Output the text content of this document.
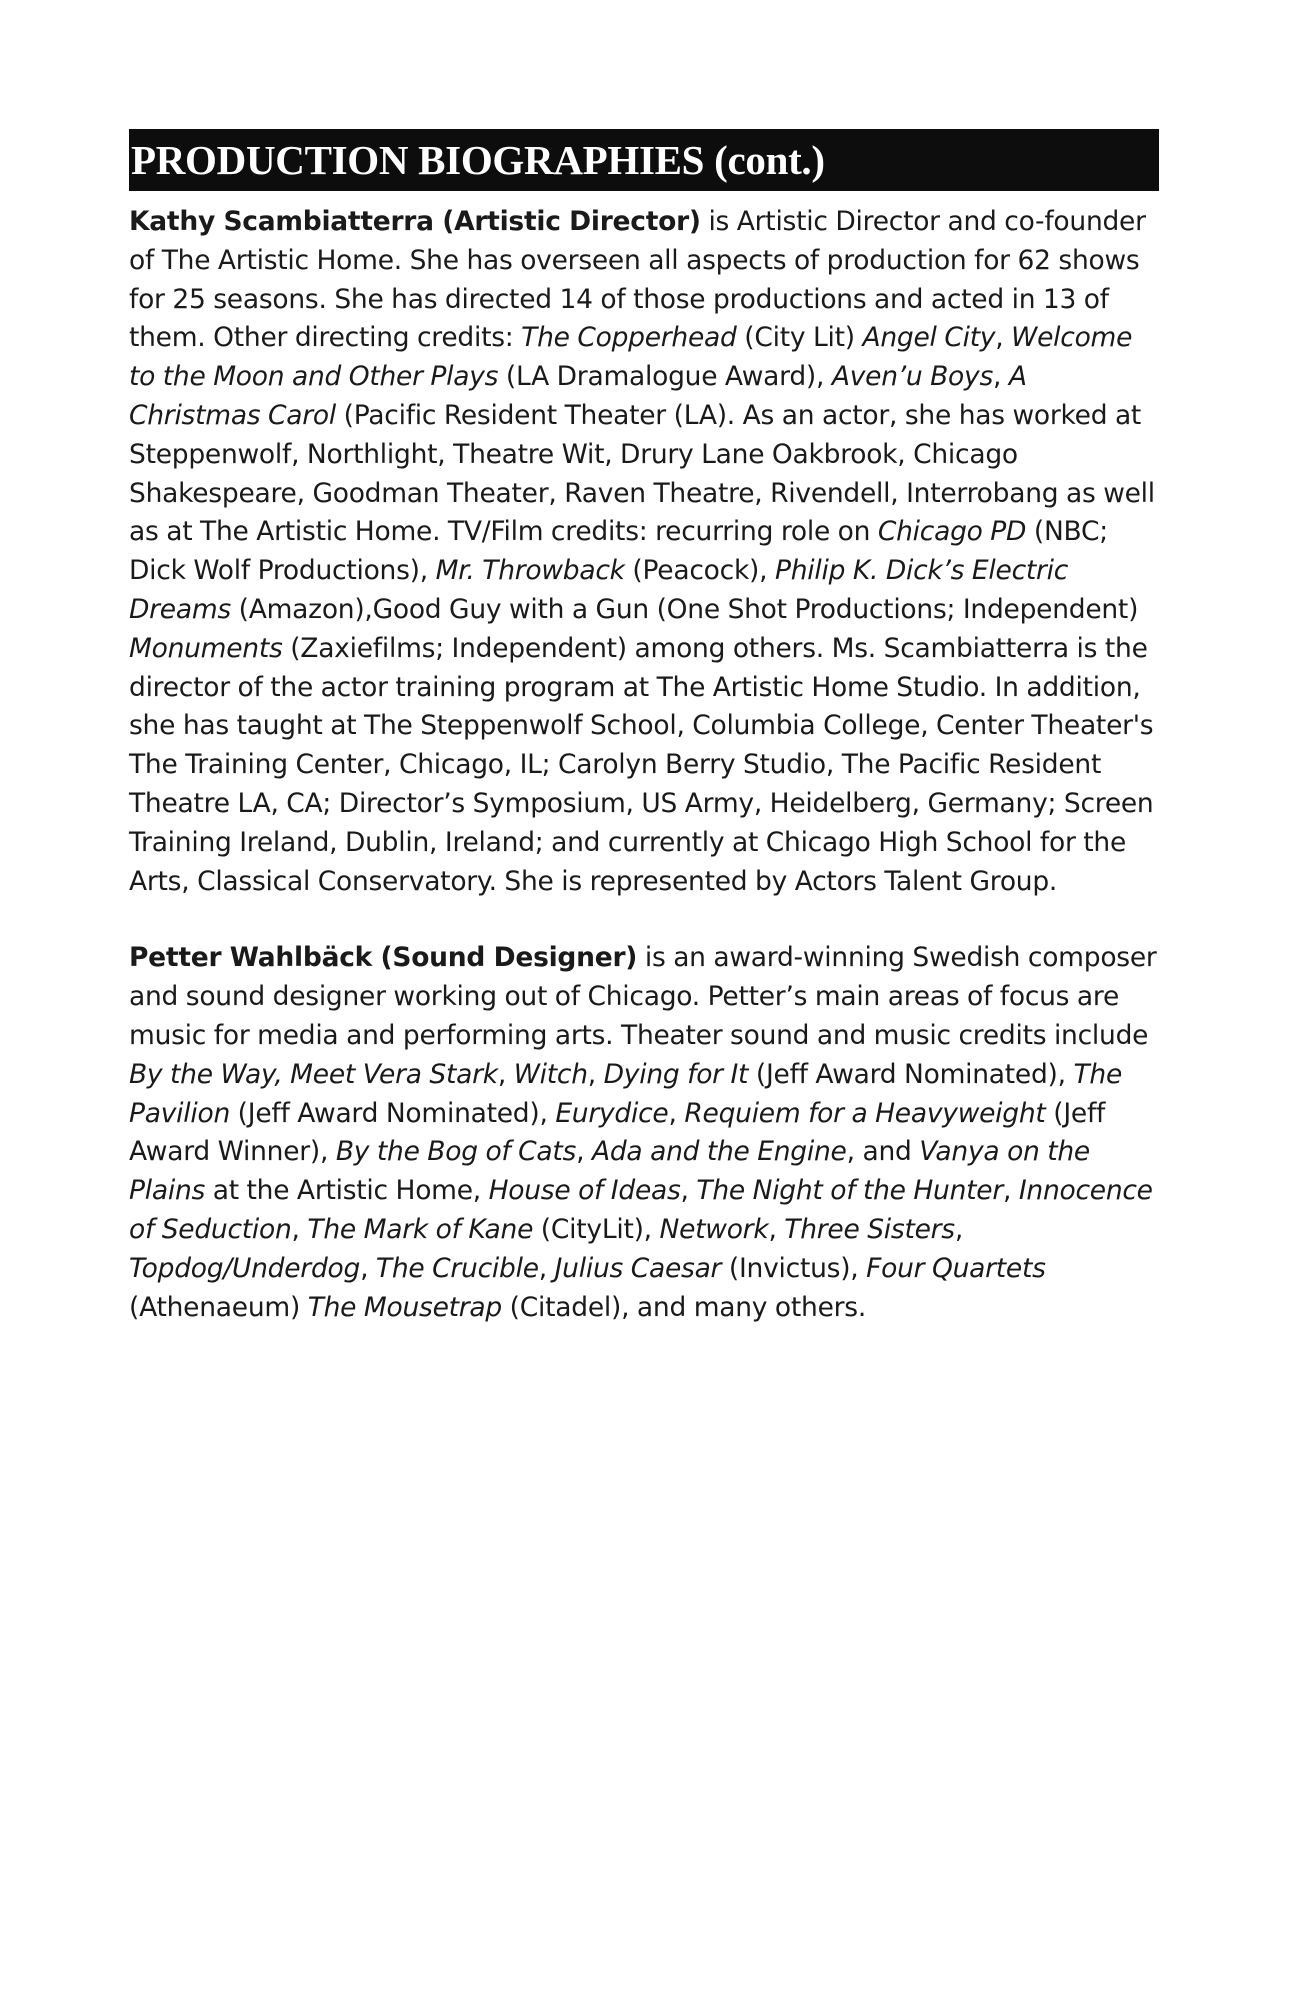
PRODUCTION BIOGRAPHIES (cont.)

Kathy Scambiatterra (Artistic Director) is Artistic Director and co-founder of The Artistic Home. She has overseen all aspects of production for 62 shows for 25 seasons. She has directed 14 of those productions and acted in 13 of them. Other directing credits: The Copperhead (City Lit) Angel City, Welcome to the Moon and Other Plays (LA Dramalogue Award), Aven’u Boys, A Christmas Carol (Pacific Resident Theater (LA). As an actor, she has worked at Steppenwolf, Northlight, Theatre Wit, Drury Lane Oakbrook, Chicago Shakespeare, Goodman Theater, Raven Theatre, Rivendell, Interrobang as well as at The Artistic Home. TV/Film credits: recurring role on Chicago PD (NBC; Dick Wolf Productions), Mr. Throwback (Peacock), Philip K. Dick’s Electric Dreams (Amazon),Good Guy with a Gun (One Shot Productions; Independent) Monuments (Zaxiefilms; Independent) among others. Ms. Scambiatterra is the director of the actor training program at The Artistic Home Studio. In addition, she has taught at The Steppenwolf School, Columbia College, Center Theater's The Training Center, Chicago, IL; Carolyn Berry Studio, The Pacific Resident Theatre LA, CA; Director’s Symposium, US Army, Heidelberg, Germany; Screen Training Ireland, Dublin, Ireland; and currently at Chicago High School for the Arts, Classical Conservatory. She is represented by Actors Talent Group.

Petter Wahlbäck (Sound Designer) is an award-winning Swedish composer and sound designer working out of Chicago. Petter’s main areas of focus are music for media and performing arts. Theater sound and music credits include By the Way, Meet Vera Stark, Witch, Dying for It (Jeff Award Nominated), The Pavilion (Jeff Award Nominated), Eurydice, Requiem for a Heavyweight (Jeff Award Winner), By the Bog of Cats, Ada and the Engine, and Vanya on the Plains at the Artistic Home, House of Ideas, The Night of the Hunter, Innocence of Seduction, The Mark of Kane (CityLit), Network, Three Sisters, Topdog/Underdog, The Crucible, Julius Caesar (Invictus), Four Quartets (Athenaeum) The Mousetrap (Citadel), and many others.
